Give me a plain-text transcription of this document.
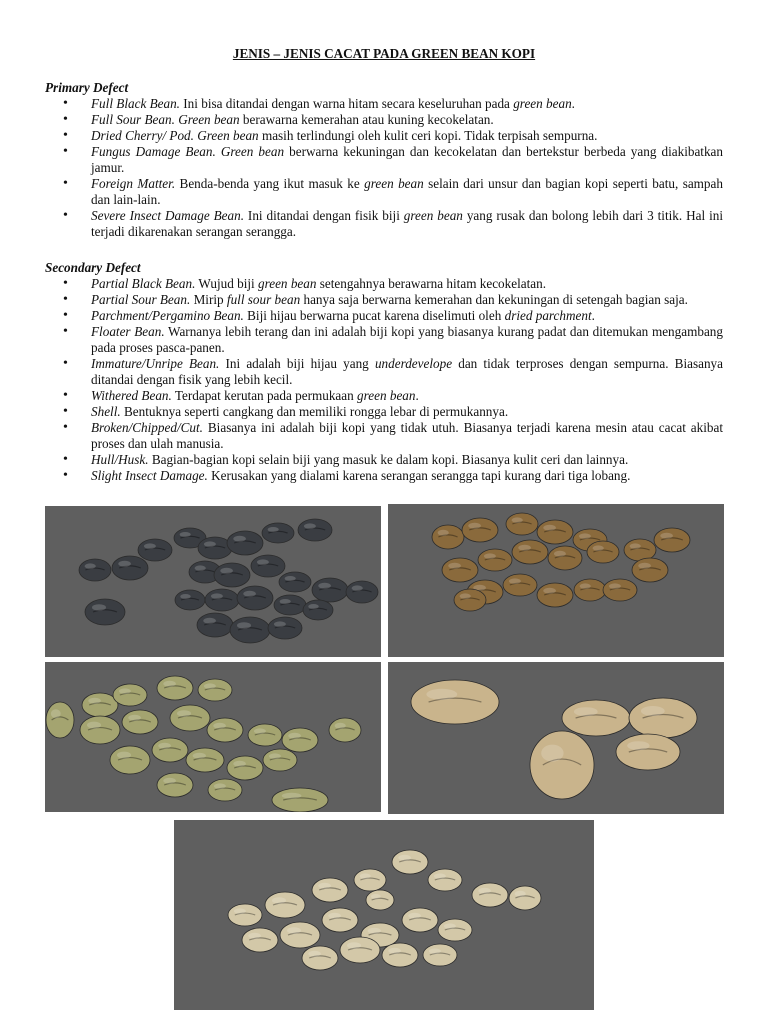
JENIS – JENIS CACAT PADA GREEN BEAN KOPI
Primary Defect
• Full Black Bean. Ini bisa ditandai dengan warna hitam secara keseluruhan pada green bean.
• Full Sour Bean. Green bean berawarna kemerahan atau kuning kecokelatan.
• Dried Cherry/ Pod. Green bean masih terlindungi oleh kulit ceri kopi. Tidak terpisah sempurna.
• Fungus Damage Bean. Green bean berwarna kekuningan dan kecokelatan dan bertekstur berbeda yang diakibatkan jamur.
• Foreign Matter. Benda-benda yang ikut masuk ke green bean selain dari unsur dan bagian kopi seperti batu, sampah dan lain-lain.
• Severe Insect Damage Bean. Ini ditandai dengan fisik biji green bean yang rusak dan bolong lebih dari 3 titik. Hal ini terjadi dikarenakan serangan serangga.
Secondary Defect
• Partial Black Bean. Wujud biji green bean setengahnya berawarna hitam kecokelatan.
• Partial Sour Bean. Mirip full sour bean hanya saja berwarna kemerahan dan kekuningan di setengah bagian saja.
• Parchment/Pergamino Bean. Biji hijau berwarna pucat karena diselimuti oleh dried parchment.
• Floater Bean. Warnanya lebih terang dan ini adalah biji kopi yang biasanya kurang padat dan ditemukan mengambang pada proses pasca-panen.
• Immature/Unripe Bean. Ini adalah biji hijau yang underdevelope dan tidak terproses dengan sempurna. Biasanya ditandai dengan fisik yang lebih kecil.
• Withered Bean. Terdapat kerutan pada permukaan green bean.
• Shell. Bentuknya seperti cangkang dan memiliki rongga lebar di permukannya.
• Broken/Chipped/Cut. Biasanya ini adalah biji kopi yang tidak utuh. Biasanya terjadi karena mesin atau cacat akibat proses dan ulah manusia.
• Hull/Husk. Bagian-bagian kopi selain biji yang masuk ke dalam kopi. Biasanya kulit ceri dan lainnya.
• Slight Insect Damage. Kerusakan yang dialami karena serangan serangga tapi kurang dari tiga lobang.
